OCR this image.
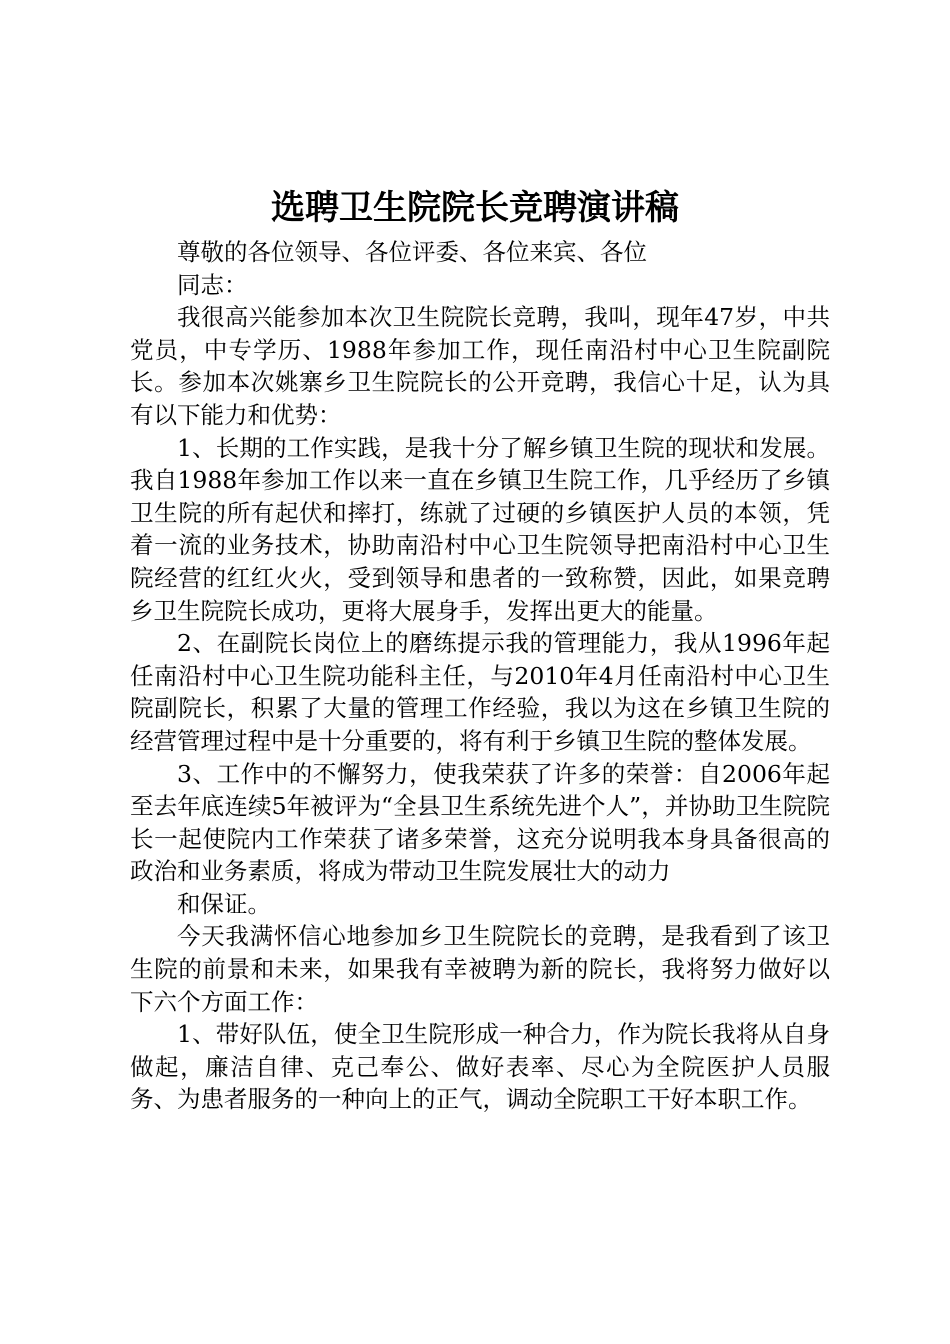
选聘卫生院院长竞聘演讲稿

尊敬的各位领导、各位评委、各位来宾、各位

同志：

我很高兴能参加本次卫生院院长竞聘，我叫，现年47岁，中共党员，中专学历、1988年参加工作，现任南沿村中心卫生院副院长。参加本次姚寨乡卫生院院长的公开竞聘，我信心十足，认为具有以下能力和优势：

1、长期的工作实践，是我十分了解乡镇卫生院的现状和发展。我自1988年参加工作以来一直在乡镇卫生院工作，几乎经历了乡镇卫生院的所有起伏和摔打，练就了过硬的乡镇医护人员的本领，凭着一流的业务技术，协助南沿村中心卫生院领导把南沿村中心卫生院经营的红红火火，受到领导和患者的一致称赞，因此，如果竞聘乡卫生院院长成功，更将大展身手，发挥出更大的能量。

2、在副院长岗位上的磨练提示我的管理能力，我从1996年起任南沿村中心卫生院功能科主任，与2010年4月任南沿村中心卫生院副院长，积累了大量的管理工作经验，我以为这在乡镇卫生院的经营管理过程中是十分重要的，将有利于乡镇卫生院的整体发展。

3、工作中的不懈努力，使我荣获了许多的荣誉：自2006年起至去年底连续5年被评为“全县卫生系统先进个人”，并协助卫生院院长一起使院内工作荣获了诸多荣誉，这充分说明我本身具备很高的政治和业务素质，将成为带动卫生院发展壮大的动力

和保证。

今天我满怀信心地参加乡卫生院院长的竞聘，是我看到了该卫生院的前景和未来，如果我有幸被聘为新的院长，我将努力做好以下六个方面工作：

1、带好队伍，使全卫生院形成一种合力，作为院长我将从自身做起，廉洁自律、克己奉公、做好表率、尽心为全院医护人员服务、为患者服务的一种向上的正气，调动全院职工干好本职工作。
